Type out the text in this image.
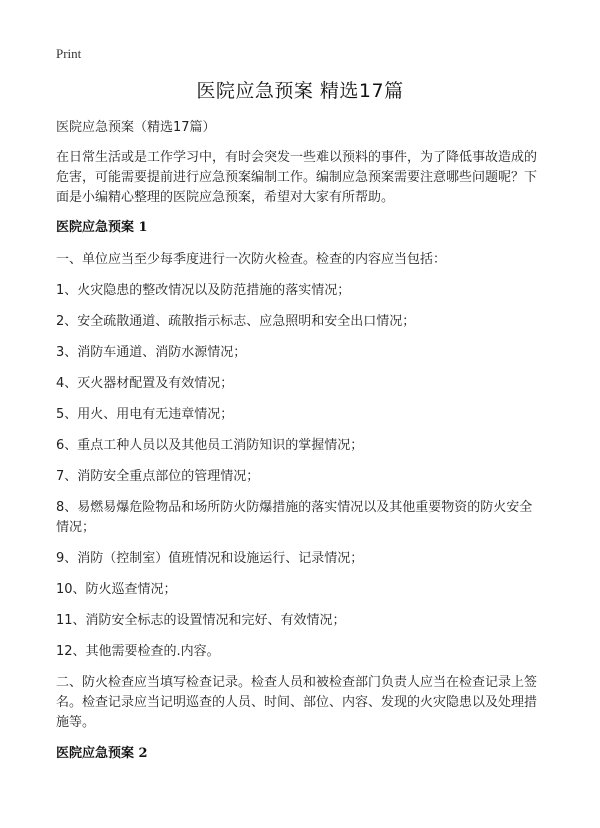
Print
医院应急预案 精选17篇

医院应急预案（精选17篇）

在日常生活或是工作学习中，有时会突发一些难以预料的事件，为了降低事故造成的危害，可能需要提前进行应急预案编制工作。编制应急预案需要注意哪些问题呢？下面是小编精心整理的医院应急预案，希望对大家有所帮助。

医院应急预案 1

一、单位应当至少每季度进行一次防火检查。检查的内容应当包括：

1、火灾隐患的整改情况以及防范措施的落实情况；

2、安全疏散通道、疏散指示标志、应急照明和安全出口情况；

3、消防车通道、消防水源情况；

4、灭火器材配置及有效情况；

5、用火、用电有无违章情况；

6、重点工种人员以及其他员工消防知识的掌握情况；

7、消防安全重点部位的管理情况；

8、易燃易爆危险物品和场所防火防爆措施的落实情况以及其他重要物资的防火安全情况；

9、消防（控制室）值班情况和设施运行、记录情况；

10、防火巡查情况；

11、消防安全标志的设置情况和完好、有效情况；

12、其他需要检查的.内容。

二、防火检查应当填写检查记录。检查人员和被检查部门负责人应当在检查记录上签名。检查记录应当记明巡查的人员、时间、部位、内容、发现的火灾隐患以及处理措施等。

医院应急预案 2
